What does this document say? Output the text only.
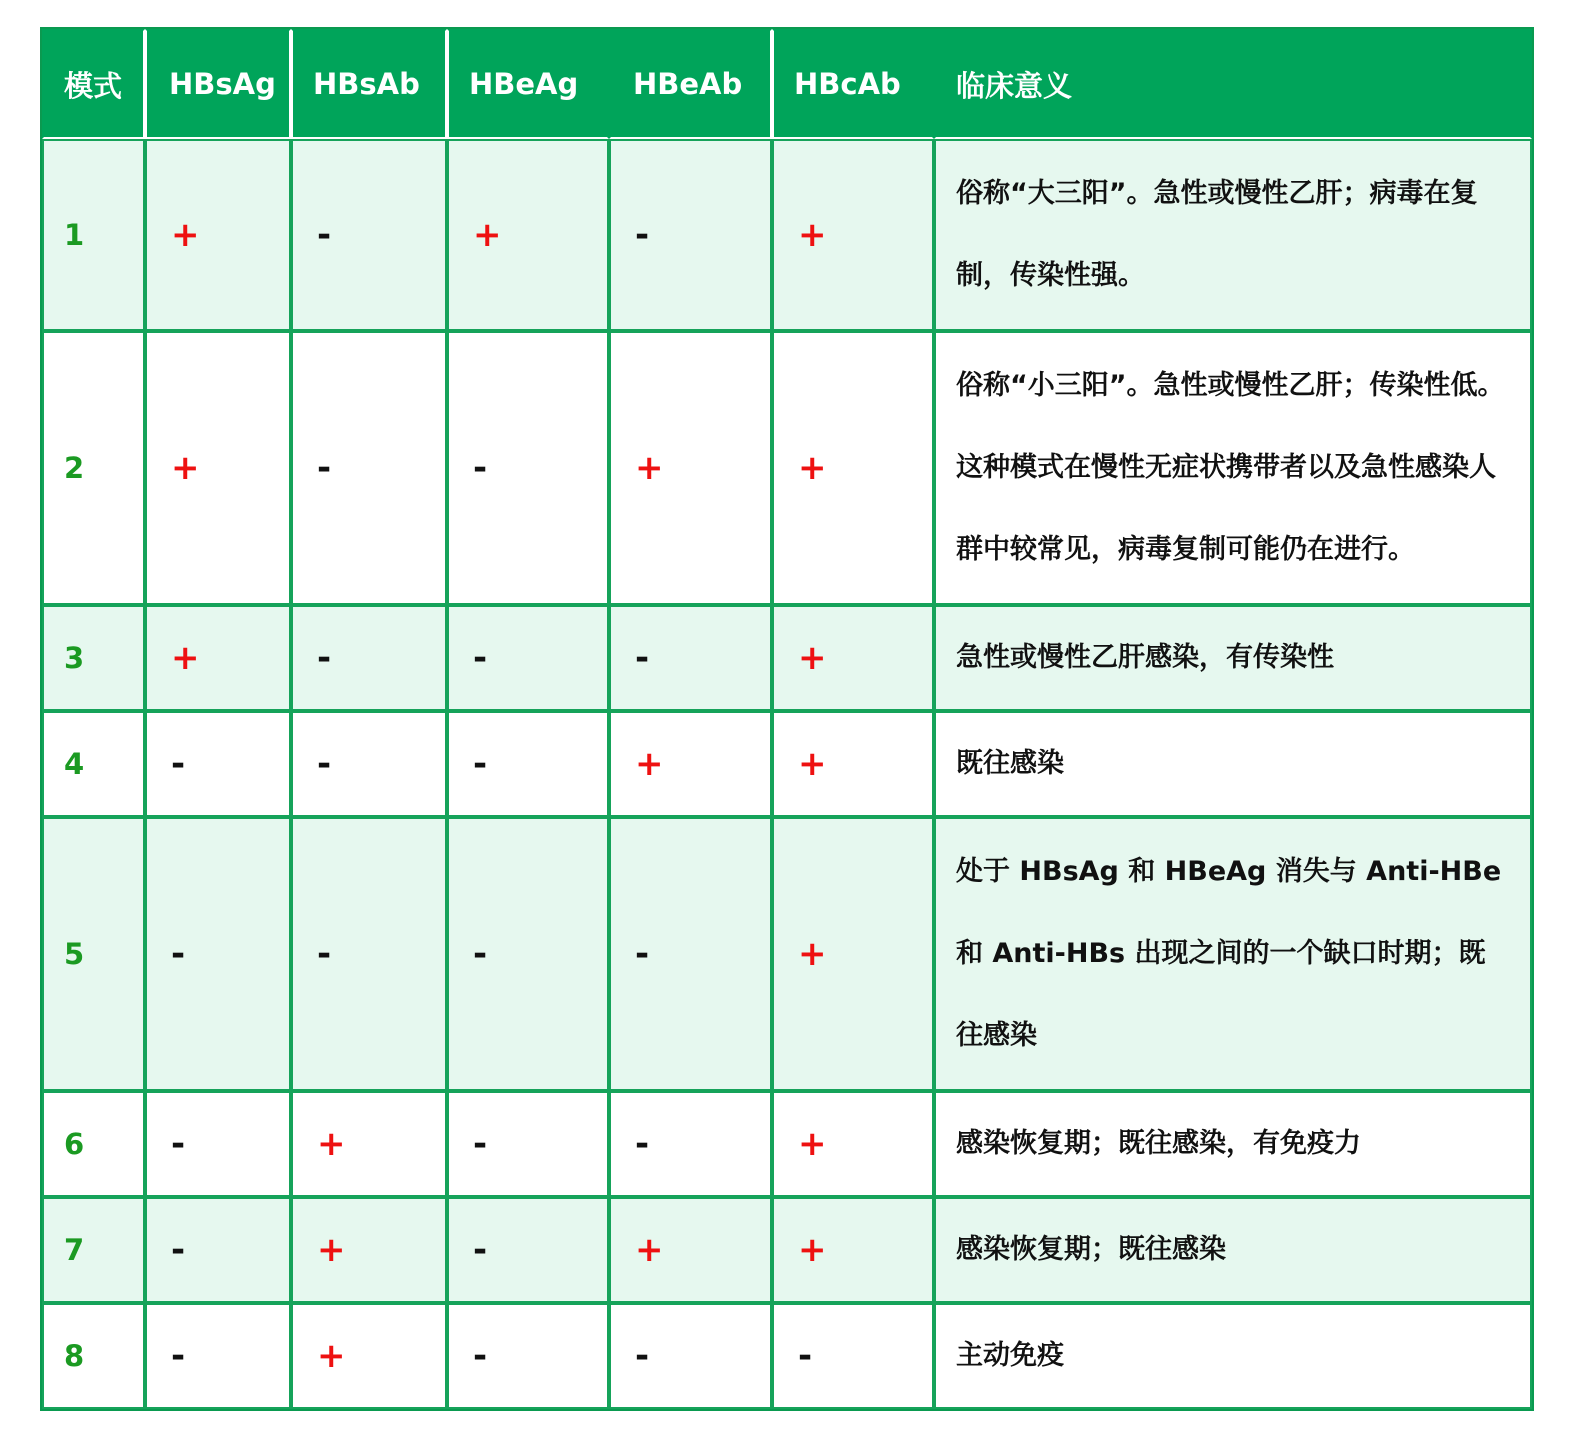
模式	HBsAg	HBsAb	HBeAg	HBeAb	HBcAb	临床意义
1	+	-	+	-	+	俗称“大三阳”。急性或慢性乙肝；病毒在复制，传染性强。
2	+	-	-	+	+	俗称“小三阳”。急性或慢性乙肝；传染性低。这种模式在慢性无症状携带者以及急性感染人群中较常见，病毒复制可能仍在进行。
3	+	-	-	-	+	急性或慢性乙肝感染，有传染性
4	-	-	-	+	+	既往感染
5	-	-	-	-	+	处于 HBsAg 和 HBeAg 消失与 Anti-HBe 和 Anti-HBs 出现之间的一个缺口时期；既往感染
6	-	+	-	-	+	感染恢复期；既往感染，有免疫力
7	-	+	-	+	+	感染恢复期；既往感染
8	-	+	-	-	-	主动免疫
